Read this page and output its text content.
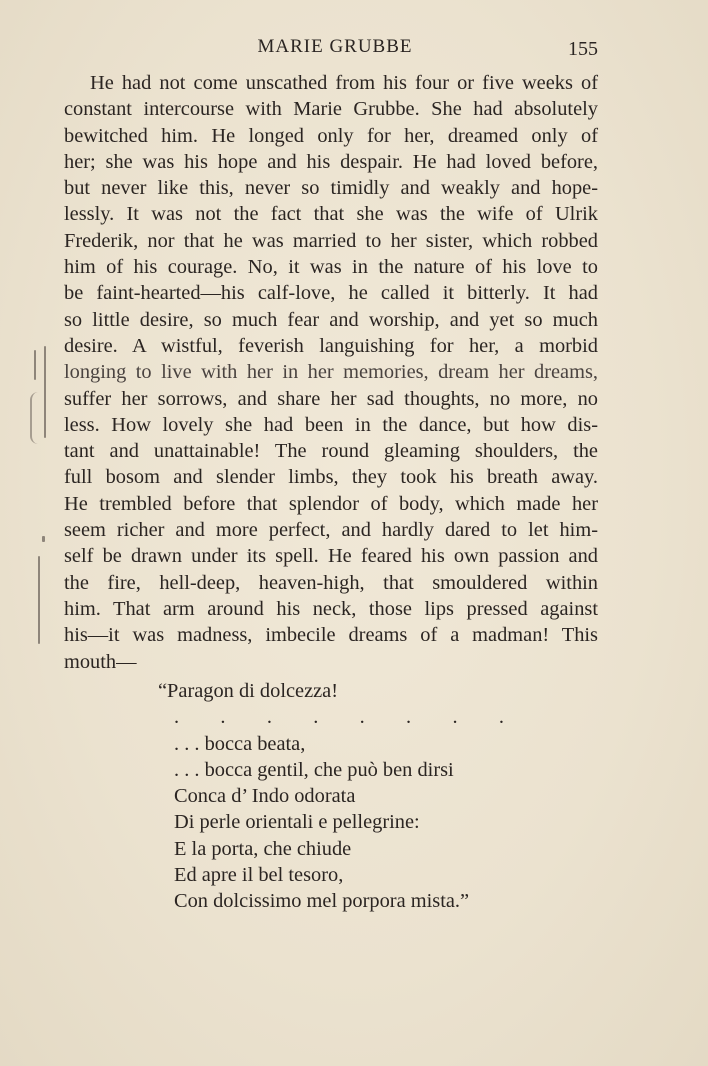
MARIE GRUBBE	155
He had not come unscathed from his four or five weeks of
constant intercourse with Marie Grubbe. She had absolutely
bewitched him. He longed only for her, dreamed only of
her; she was his hope and his despair. He had loved before,
but never like this, never so timidly and weakly and hope-
lessly. It was not the fact that she was the wife of Ulrik
Frederik, nor that he was married to her sister, which robbed
him of his courage. No, it was in the nature of his love to
be faint-hearted—his calf-love, he called it bitterly. It had
so little desire, so much fear and worship, and yet so much
desire. A wistful, feverish languishing for her, a morbid
longing to live with her in her memories, dream her dreams,
suffer her sorrows, and share her sad thoughts, no more, no
less. How lovely she had been in the dance, but how dis-
tant and unattainable! The round gleaming shoulders, the
full bosom and slender limbs, they took his breath away.
He trembled before that splendor of body, which made her
seem richer and more perfect, and hardly dared to let him-
self be drawn under its spell. He feared his own passion and
the fire, hell-deep, heaven-high, that smouldered within
him. That arm around his neck, those lips pressed against
his—it was madness, imbecile dreams of a madman! This
mouth—
“Paragon di dolcezza!
. . . . . . . .
. . . bocca beata,
. . . bocca gentil, che può ben dirsi
Conca d’ Indo odorata
Di perle orientali e pellegrine:
E la porta, che chiude
Ed apre il bel tesoro,
Con dolcissimo mel porpora mista.”
